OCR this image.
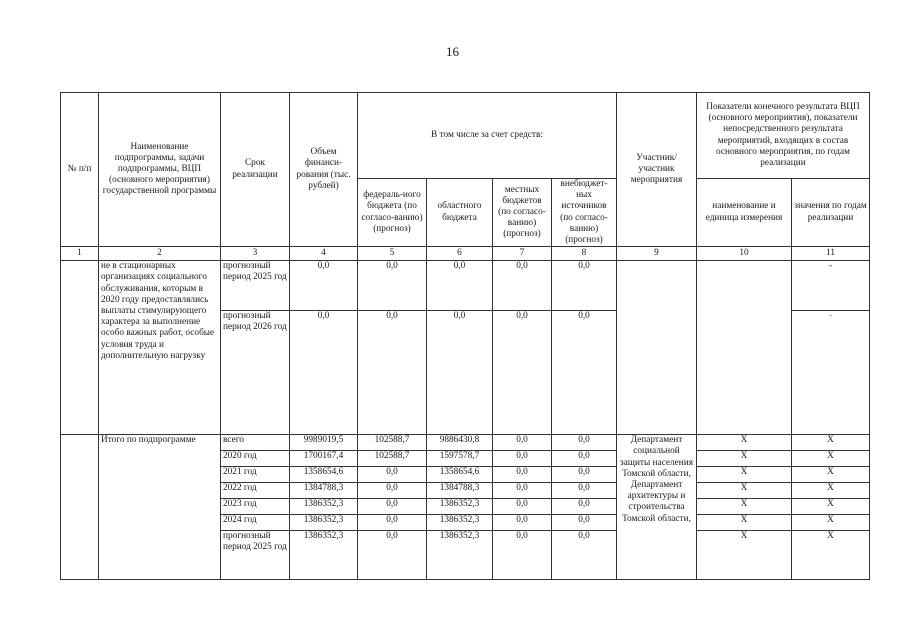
16
№ п/п	Наименование подпрограммы, задачи подпрограммы, ВЦП (основного мероприятия) государственной программы	Срок реализации	Объем финанси-рования (тыс. рублей)	В том числе за счет средств:				Участник/ участник мероприятия	Показатели конечного результата ВЦП (основного мероприятия), показатели непосредственного результата мероприятий, входящих в состав основного мероприятия, по годам реализации	
				федераль-ного бюджета (по согласо-ванию) (прогноз)	областного бюджета	местных бюджетов (по согласо-ванию) (прогноз)	внебюджет-ных источников (по согласо-ванию) (прогноз)		наименование и единица измерения	значения по годам реализации
1	2	3	4	5	6	7	8	9	10	11
	не в стационарных организациях социального обслуживания, которым в 2020 году предоставлялись выплаты стимулирующего характера за выполнение особо важных работ, особые условия труда и дополнительную нагрузку	прогнозный период 2025 год	0,0	0,0	0,0	0,0	0,0			-
		прогнозный период 2026 год	0,0	0,0	0,0	0,0	0,0			-
	Итого по подпрограмме	всего	9989019,5	102588,7	9886430,8	0,0	0,0	Департамент социальной защиты населения Томской области, Департамент архитектуры и строительства Томской области,	X	X
		2020 год	1700167,4	102588,7	1597578,7	0,0	0,0		X	X
		2021 год	1358654,6	0,0	1358654,6	0,0	0,0		X	X
		2022 год	1384788,3	0,0	1384788,3	0,0	0,0		X	X
		2023 год	1386352,3	0,0	1386352,3	0,0	0,0		X	X
		2024 год	1386352,3	0,0	1386352,3	0,0	0,0		X	X
		прогнозный период 2025 год	1386352,3	0,0	1386352,3	0,0	0,0		X	X
